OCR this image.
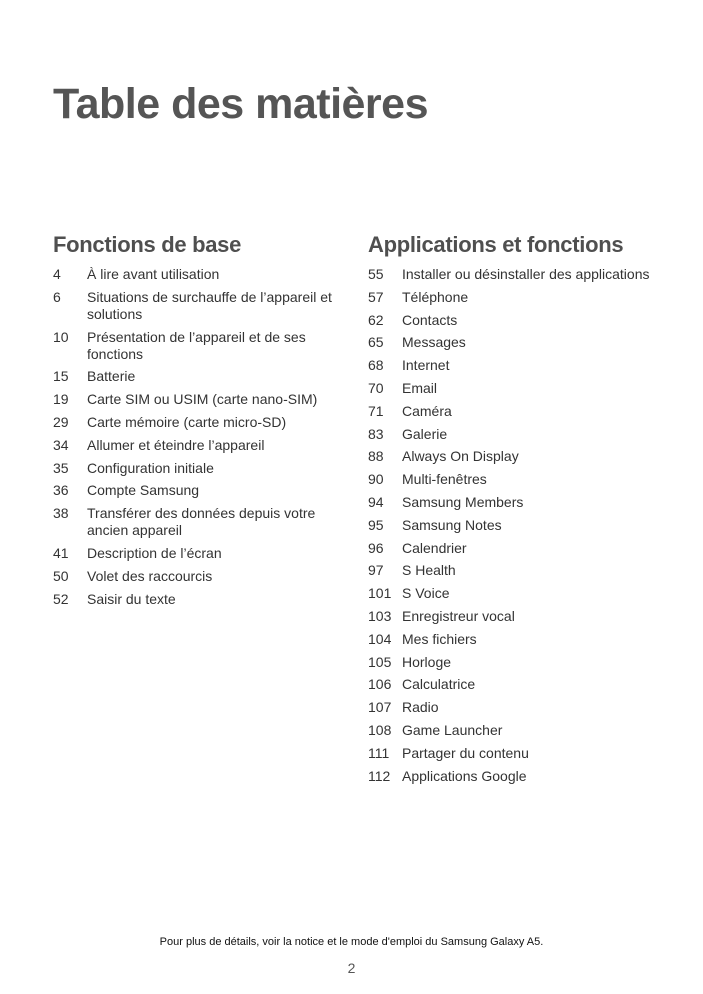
Table des matières
Fonctions de base
4	À lire avant utilisation
6	Situations de surchauffe de l’appareil et solutions
10	Présentation de l’appareil et de ses fonctions
15	Batterie
19	Carte SIM ou USIM (carte nano-SIM)
29	Carte mémoire (carte micro-SD)
34	Allumer et éteindre l’appareil
35	Configuration initiale
36	Compte Samsung
38	Transférer des données depuis votre ancien appareil
41	Description de l’écran
50	Volet des raccourcis
52	Saisir du texte
Applications et fonctions
55	Installer ou désinstaller des applications
57	Téléphone
62	Contacts
65	Messages
68	Internet
70	Email
71	Caméra
83	Galerie
88	Always On Display
90	Multi-fenêtres
94	Samsung Members
95	Samsung Notes
96	Calendrier
97	S Health
101 S Voice
103 Enregistreur vocal
104 Mes fichiers
105 Horloge
106 Calculatrice
107 Radio
108 Game Launcher
111 Partager du contenu
112 Applications Google
Pour plus de détails, voir la notice et le mode d'emploi du Samsung Galaxy A5.
2
